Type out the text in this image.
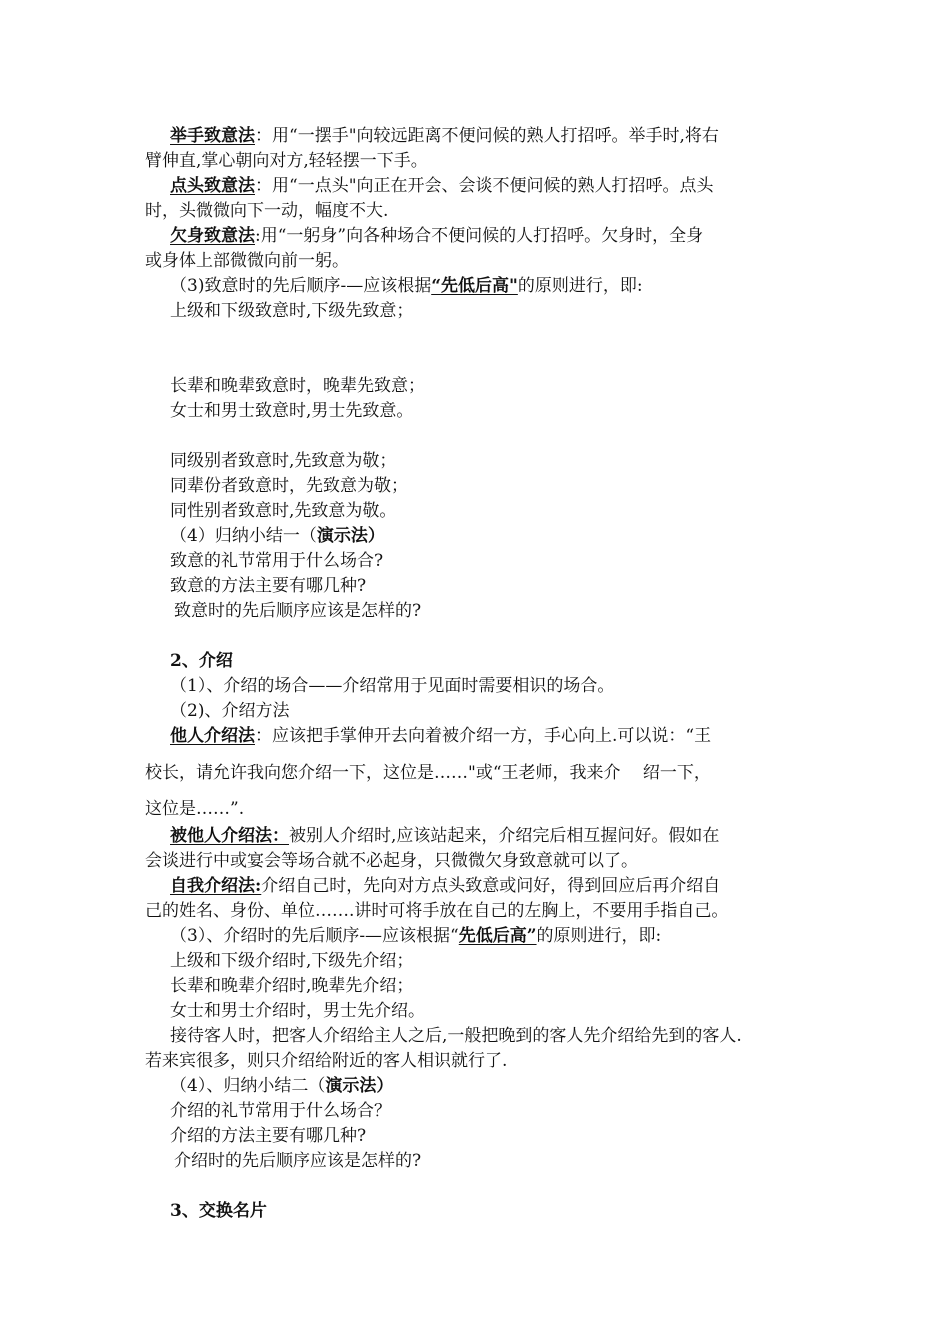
举手致意法：用“一摆手"向较远距离不便问候的熟人打招呼。举手时,将右
臂伸直,掌心朝向对方,轻轻摆一下手。
点头致意法：用“一点头"向正在开会、会谈不便问候的熟人打招呼。点头
时，头微微向下一动，幅度不大.
欠身致意法:用“一躬身”向各种场合不便问候的人打招呼。欠身时，全身
或身体上部微微向前一躬。
（3)致意时的先后顺序-—应该根据“先低后高"的原则进行，即:
上级和下级致意时,下级先致意；
长辈和晚辈致意时，晚辈先致意；
女士和男士致意时,男士先致意。
同级别者致意时,先致意为敬；
同辈份者致意时，先致意为敬；
同性别者致意时,先致意为敬。
（4）归纳小结一（演示法）
致意的礼节常用于什么场合?
致意的方法主要有哪几种?
致意时的先后顺序应该是怎样的?
2、介绍
（1）、介绍的场合——介绍常用于见面时需要相识的场合。
（2)、介绍方法
他人介绍法：应该把手掌伸开去向着被介绍一方，手心向上.可以说：“王
校长，请允许我向您介绍一下，这位是……"或“王老师，我来介　 绍一下，
这位是……”.
被他人介绍法：被别人介绍时,应该站起来，介绍完后相互握问好。假如在
会谈进行中或宴会等场合就不必起身，只微微欠身致意就可以了。
自我介绍法:介绍自己时，先向对方点头致意或问好，得到回应后再介绍自
己的姓名、身份、单位…….讲时可将手放在自己的左胸上，不要用手指自己。
（3）、介绍时的先后顺序-—应该根据“先低后高”的原则进行，即:
上级和下级介绍时,下级先介绍；
长辈和晚辈介绍时,晚辈先介绍；
女士和男士介绍时，男士先介绍。
接待客人时，把客人介绍给主人之后,一般把晚到的客人先介绍给先到的客人.
若来宾很多，则只介绍给附近的客人相识就行了.
（4）、归纳小结二（演示法）
介绍的礼节常用于什么场合？
介绍的方法主要有哪几种?
介绍时的先后顺序应该是怎样的?
3、交换名片
